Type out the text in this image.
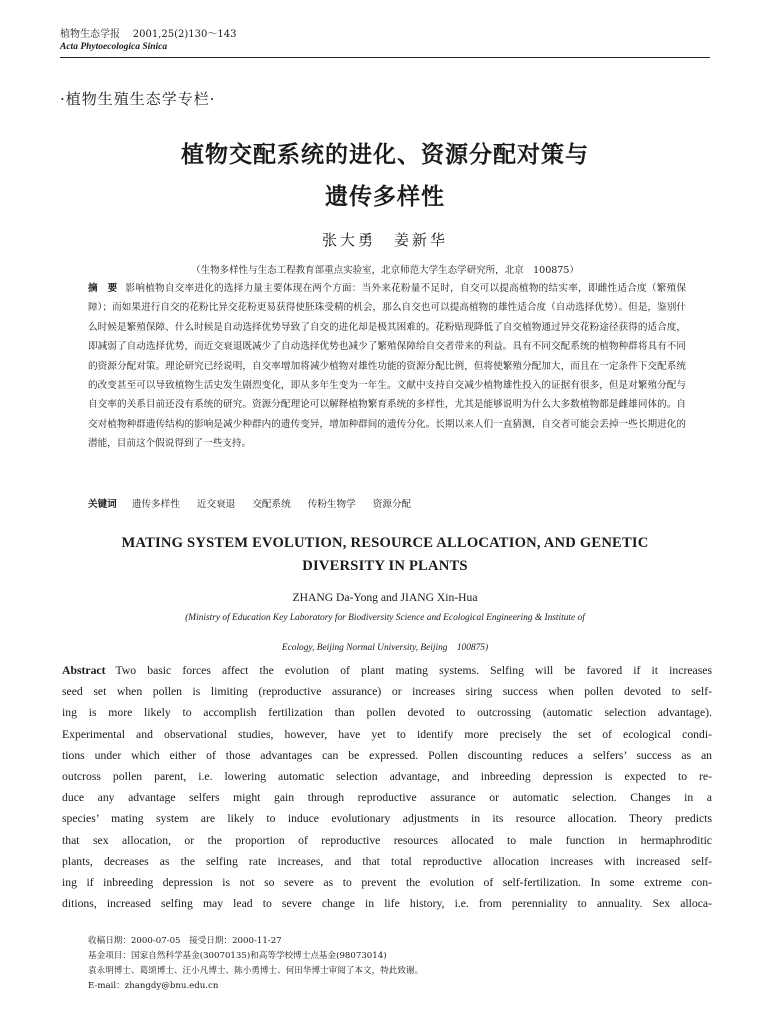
植物生态学报 2001,25(2)130～143
Acta Phytoecologica Sinica
·植物生殖生态学专栏·
植物交配系统的进化、资源分配对策与
遗传多样性
张大勇　姜新华
（生物多样性与生态工程教育部重点实验室，北京师范大学生态学研究所，北京　100875）
摘　要 影响植物自交率进化的选择力量主要体现在两个方面：当外来花粉量不足时，自交可以提高植物的结实率，即雌性适合度（繁殖保障）；而如果进行自交的花粉比异交花粉更易获得使胚珠受精的机会，那么自交也可以提高植物的雄性适合度（自动选择优势）。但是，鉴别什么时候是繁殖保障、什么时候是自动选择优势导致了自交的进化却是极其困难的。花粉贴现降低了自交植物通过异交花粉途径获得的适合度，即减弱了自动选择优势，而近交衰退既减少了自动选择优势也减少了繁殖保障给自交者带来的利益。具有不同交配系统的植物种群将具有不同的资源分配对策。理论研究已经说明，自交率增加将减少植物对雄性功能的资源分配比例，但将使繁殖分配加大，而且在一定条件下交配系统的改变甚至可以导致植物生活史发生剧烈变化，即从多年生变为一年生。文献中支持自交减少植物雄性投入的证据有很多，但是对繁殖分配与自交率的关系目前还没有系统的研究。资源分配理论可以解释植物繁育系统的多样性，尤其是能够说明为什么大多数植物都是雌雄同体的。自交对植物种群遗传结构的影响是减少种群内的遗传变异，增加种群间的遗传分化。长期以来人们一直猜测，自交者可能会丢掉一些长期进化的潜能，目前这个假说得到了一些支持。
关键词 遗传多样性 近交衰退 交配系统 传粉生物学 资源分配
MATING SYSTEM EVOLUTION, RESOURCE ALLOCATION, AND GENETIC
DIVERSITY IN PLANTS
ZHANG Da-Yong and JIANG Xin-Hua
(Ministry of Education Key Laboratory for Biodiversity Science and Ecological Engineering & Institute of
Ecology, Beijing Normal University, Beijing　100875)
Abstract Two basic forces affect the evolution of plant mating systems. Selfing will be favored if it increases
seed set when pollen is limiting (reproductive assurance) or increases siring success when pollen devoted to self-
ing is more likely to accomplish fertilization than pollen devoted to outcrossing (automatic selection advantage).
Experimental and observational studies, however, have yet to identify more precisely the set of ecological condi-
tions under which either of those advantages can be expressed. Pollen discounting reduces a selfers’ success as an
outcross pollen parent, i.e. lowering automatic selection advantage, and inbreeding depression is expected to re-
duce any advantage selfers might gain through reproductive assurance or automatic selection. Changes in a
species’ mating system are likely to induce evolutionary adjustments in its resource allocation. Theory predicts
that sex allocation, or the proportion of reproductive resources allocated to male function in hermaphroditic
plants, decreases as the selfing rate increases, and that total reproductive allocation increases with increased self-
ing if inbreeding depression is not so severe as to prevent the evolution of self-fertilization. In some extreme con-
ditions, increased selfing may lead to severe change in life history, i.e. from perenniality to annuality. Sex alloca-
收稿日期：2000-07-05　接受日期：2000-11-27
基金项目：国家自然科学基金(30070135)和高等学校博士点基金(98073014)
袁永明博士、葛颂博士、汪小凡博士、陈小勇博士、何田华博士审阅了本文，特此致谢。
E-mail：zhangdy@bnu.edu.cn
